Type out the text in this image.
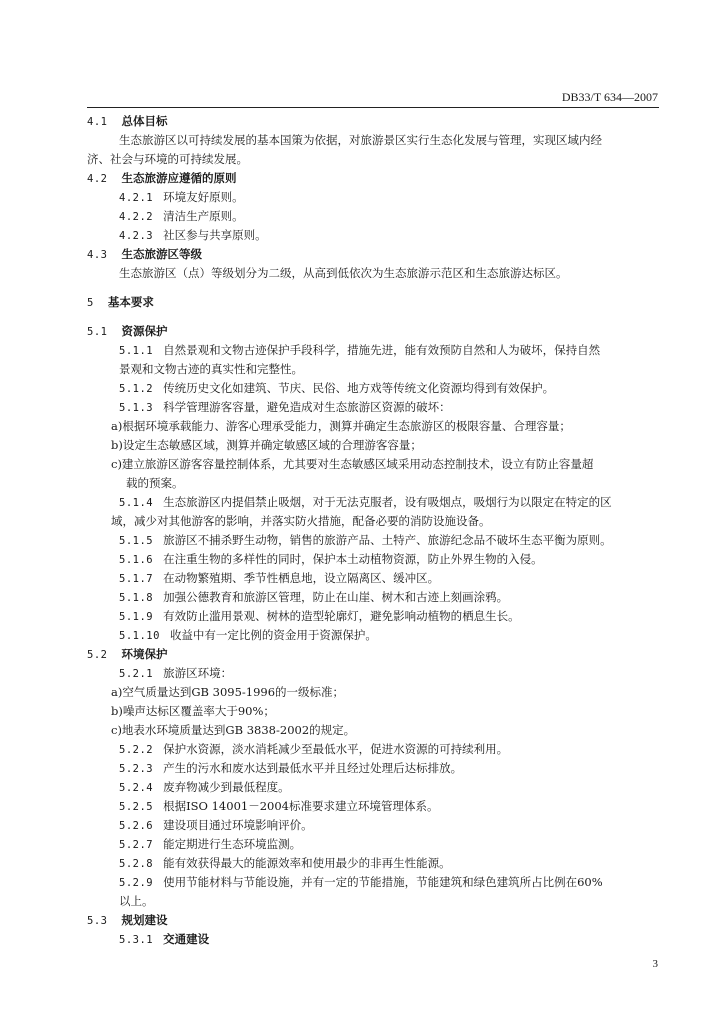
DB33/T 634—2007
4.1 总体目标
生态旅游区以可持续发展的基本国策为依据，对旅游景区实行生态化发展与管理，实现区域内经
济、社会与环境的可持续发展。
4.2 生态旅游应遵循的原则
4.2.1 环境友好原则。
4.2.2 清洁生产原则。
4.2.3 社区参与共享原则。
4.3 生态旅游区等级
生态旅游区（点）等级划分为二级，从高到低依次为生态旅游示范区和生态旅游达标区。
5 基本要求
5.1 资源保护
5.1.1 自然景观和文物古迹保护手段科学，措施先进，能有效预防自然和人为破坏，保持自然
景观和文物古迹的真实性和完整性。
5.1.2 传统历史文化如建筑、节庆、民俗、地方戏等传统文化资源均得到有效保护。
5.1.3 科学管理游客容量，避免造成对生态旅游区资源的破坏：
a)根据环境承载能力、游客心理承受能力，测算并确定生态旅游区的极限容量、合理容量；
b)设定生态敏感区域，测算并确定敏感区域的合理游客容量；
c)建立旅游区游客容量控制体系，尤其要对生态敏感区域采用动态控制技术，设立有防止容量超
载的预案。
5.1.4 生态旅游区内提倡禁止吸烟，对于无法克服者，设有吸烟点，吸烟行为以限定在特定的区
域，减少对其他游客的影响，并落实防火措施，配备必要的消防设施设备。
5.1.5 旅游区不捕杀野生动物，销售的旅游产品、土特产、旅游纪念品不破坏生态平衡为原则。
5.1.6 在注重生物的多样性的同时，保护本土动植物资源，防止外界生物的入侵。
5.1.7 在动物繁殖期、季节性栖息地，设立隔离区、缓冲区。
5.1.8 加强公德教育和旅游区管理，防止在山崖、树木和古迹上刻画涂鸦。
5.1.9 有效防止滥用景观、树林的造型轮廓灯，避免影响动植物的栖息生长。
5.1.10 收益中有一定比例的资金用于资源保护。
5.2 环境保护
5.2.1 旅游区环境：
a)空气质量达到GB 3095-1996的一级标准；
b)噪声达标区覆盖率大于90%；
c)地表水环境质量达到GB 3838-2002的规定。
5.2.2 保护水资源，淡水消耗减少至最低水平，促进水资源的可持续利用。
5.2.3 产生的污水和废水达到最低水平并且经过处理后达标排放。
5.2.4 废弃物减少到最低程度。
5.2.5 根据ISO 14001－2004标准要求建立环境管理体系。
5.2.6 建设项目通过环境影响评价。
5.2.7 能定期进行生态环境监测。
5.2.8 能有效获得最大的能源效率和使用最少的非再生性能源。
5.2.9 使用节能材料与节能设施，并有一定的节能措施，节能建筑和绿色建筑所占比例在60%
以上。
5.3 规划建设
5.3.1 交通建设
3
